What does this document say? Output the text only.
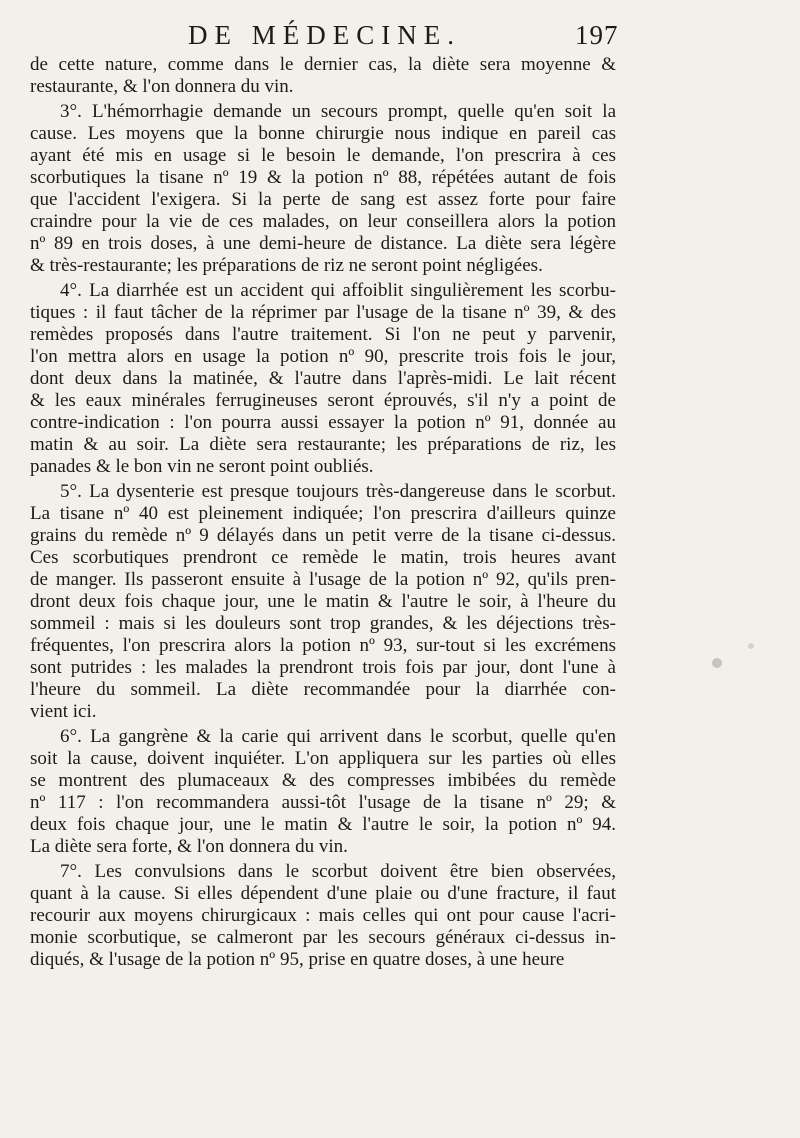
DE MÉDECINE.	197
de cette nature, comme dans le dernier cas, la diète sera moyenne &
restaurante, & l'on donnera du vin.
3°. L'hémorrhagie demande un secours prompt, quelle qu'en soit la
cause. Les moyens que la bonne chirurgie nous indique en pareil cas
ayant été mis en usage si le besoin le demande, l'on prescrira à ces
scorbutiques la tisane nº 19 & la potion nº 88, répétées autant de fois
que l'accident l'exigera. Si la perte de sang est assez forte pour faire
craindre pour la vie de ces malades, on leur conseillera alors la potion
nº 89 en trois doses, à une demi-heure de distance. La diète sera légère
& très-restaurante; les préparations de riz ne seront point négligées.
4°. La diarrhée est un accident qui affoiblit singulièrement les scorbu-
tiques : il faut tâcher de la réprimer par l'usage de la tisane nº 39, & des
remèdes proposés dans l'autre traitement. Si l'on ne peut y parvenir,
l'on mettra alors en usage la potion nº 90, prescrite trois fois le jour,
dont deux dans la matinée, & l'autre dans l'après-midi. Le lait récent
& les eaux minérales ferrugineuses seront éprouvés, s'il n'y a point de
contre-indication : l'on pourra aussi essayer la potion nº 91, donnée au
matin & au soir. La diète sera restaurante; les préparations de riz, les
panades & le bon vin ne seront point oubliés.
5°. La dysenterie est presque toujours très-dangereuse dans le scorbut.
La tisane nº 40 est pleinement indiquée; l'on prescrira d'ailleurs quinze
grains du remède nº 9 délayés dans un petit verre de la tisane ci-dessus.
Ces scorbutiques prendront ce remède le matin, trois heures avant
de manger. Ils passeront ensuite à l'usage de la potion nº 92, qu'ils pren-
dront deux fois chaque jour, une le matin & l'autre le soir, à l'heure du
sommeil : mais si les douleurs sont trop grandes, & les déjections très-
fréquentes, l'on prescrira alors la potion nº 93, sur-tout si les excrémens
sont putrides : les malades la prendront trois fois par jour, dont l'une à
l'heure du sommeil. La diète recommandée pour la diarrhée con-
vient ici.
6°. La gangrène & la carie qui arrivent dans le scorbut, quelle qu'en
soit la cause, doivent inquiéter. L'on appliquera sur les parties où elles
se montrent des plumaceaux & des compresses imbibées du remède
nº 117 : l'on recommandera aussi-tôt l'usage de la tisane nº 29; &
deux fois chaque jour, une le matin & l'autre le soir, la potion nº 94.
La diète sera forte, & l'on donnera du vin.
7°. Les convulsions dans le scorbut doivent être bien observées,
quant à la cause. Si elles dépendent d'une plaie ou d'une fracture, il faut
recourir aux moyens chirurgicaux : mais celles qui ont pour cause l'acri-
monie scorbutique, se calmeront par les secours généraux ci-dessus in-
diqués, & l'usage de la potion nº 95, prise en quatre doses, à une heure
